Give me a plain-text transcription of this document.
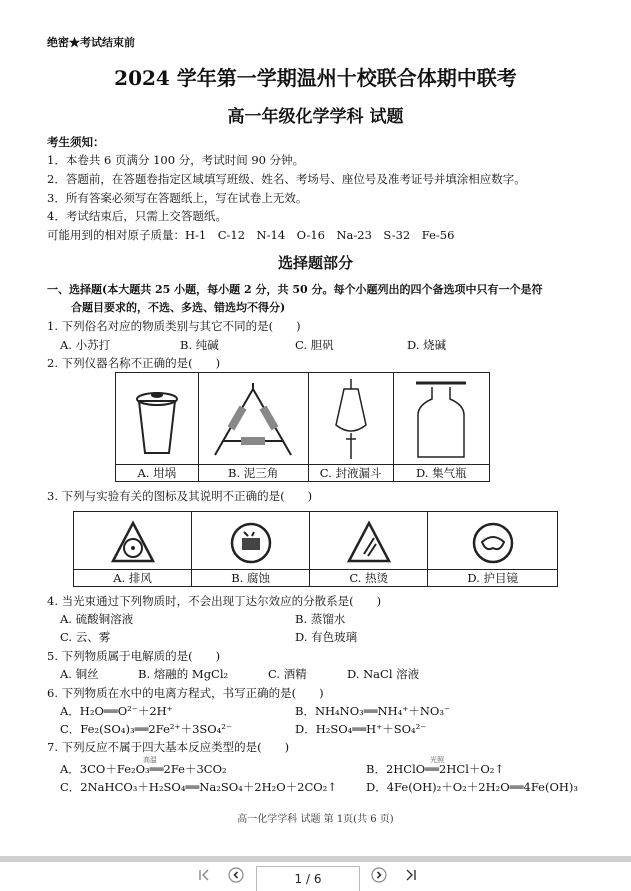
绝密★考试结束前
2024 学年第一学期温州十校联合体期中联考
高一年级化学学科 试题
考生须知：
1．本卷共 6 页满分 100 分，考试时间 90 分钟。
2．答题前，在答题卷指定区域填写班级、姓名、考场号、座位号及准考证号并填涂相应数字。
3．所有答案必须写在答题纸上，写在试卷上无效。
4．考试结束后，只需上交答题纸。
可能用到的相对原子质量：H-1　C-12　N-14　O-16　Na-23　S-32　Fe-56
选择题部分
一、选择题(本大题共 25 小题，每小题 2 分，共 50 分。每个小题列出的四个备选项中只有一个是符
合题目要求的，不选、多选、错选均不得分)
1. 下列俗名对应的物质类别与其它不同的是(　　)
A. 小苏打	B. 纯碱	C. 胆矾	D. 烧碱
2. 下列仪器名称不正确的是(　　)

A. 坩埚	B. 泥三角	C. 封液漏斗	D. 集气瓶
3. 下列与实验有关的图标及其说明不正确的是(　　)

A. 排风	B. 腐蚀	C. 热烫	D. 护目镜
4. 当光束通过下列物质时，不会出现丁达尔效应的分散系是(　　)
A. 硫酸铜溶液	B. 蒸馏水
C. 云、雾	D. 有色玻璃
5. 下列物质属于电解质的是(　　)
A. 铜丝	B. 熔融的 MgCl₂	C. 酒精	D. NaCl 溶液
6. 下列物质在水中的电离方程式，书写正确的是(　　)
A．H₂O══O²⁻＋2H⁺	B．NH₄NO₃══NH₄⁺＋NO₃⁻
C．Fe₂(SO₄)₃══2Fe²⁺＋3SO₄²⁻	D．H₂SO₄══H⁺＋SO₄²⁻
7. 下列反应不属于四大基本反应类型的是(　　)
高温	光照
A．3CO＋Fe₂O₃══2Fe＋3CO₂	B．2HClO══2HCl＋O₂↑
C．2NaHCO₃＋H₂SO₄══Na₂SO₄＋2H₂O＋2CO₂↑	D．4Fe(OH)₂＋O₂＋2H₂O══4Fe(OH)₃
高一化学学科 试题 第 1页(共 6 页)
1 / 6
